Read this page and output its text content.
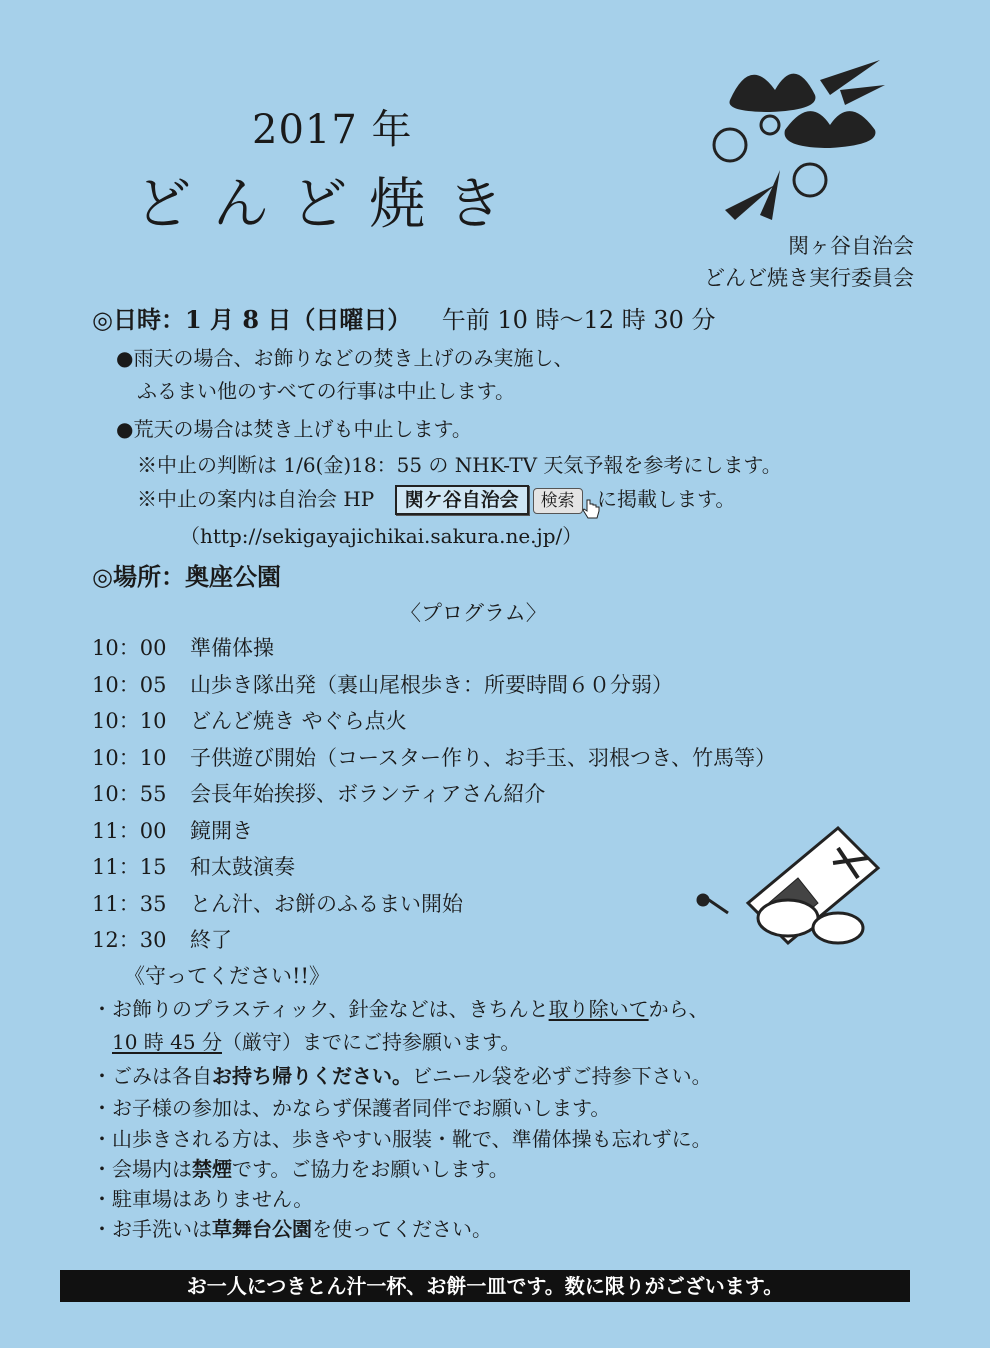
2017 年
どんど焼き
関ヶ谷自治会
どんど焼き実行委員会
◎日時：1 月 8 日（日曜日） 午前 10 時～12 時 30 分
●雨天の場合、お飾りなどの焚き上げのみ実施し、
ふるまい他のすべての行事は中止します。
●荒天の場合は焚き上げも中止します。
※中止の判断は 1/6(金)18：55 の NHK-TV 天気予報を参考にします。
※中止の案内は自治会 HP 関ケ谷自治会 検索 に掲載します。
（http://sekigayajichikai.sakura.ne.jp/）
◎場所：奥座公園
〈プログラム〉
10：00 準備体操
10：05 山歩き隊出発（裏山尾根歩き：所要時間６０分弱）
10：10 どんど焼き やぐら点火
10：10 子供遊び開始（コースター作り、お手玉、羽根つき、竹馬等）
10：55 会長年始挨拶、ボランティアさん紹介
11：00 鏡開き
11：15 和太鼓演奏
11：35 とん汁、お餅のふるまい開始
12：30 終了
《守ってください!!》
・お飾りのプラスティック、針金などは、きちんと取り除いてから、
10 時 45 分（厳守）までにご持参願います。
・ごみは各自お持ち帰りください。ビニール袋を必ずご持参下さい。
・お子様の参加は、かならず保護者同伴でお願いします。
・山歩きされる方は、歩きやすい服装・靴で、準備体操も忘れずに。
・会場内は禁煙です。ご協力をお願いします。
・駐車場はありません。
・お手洗いは草舞台公園を使ってください。
お一人につきとん汁一杯、お餅一皿です。数に限りがございます。
